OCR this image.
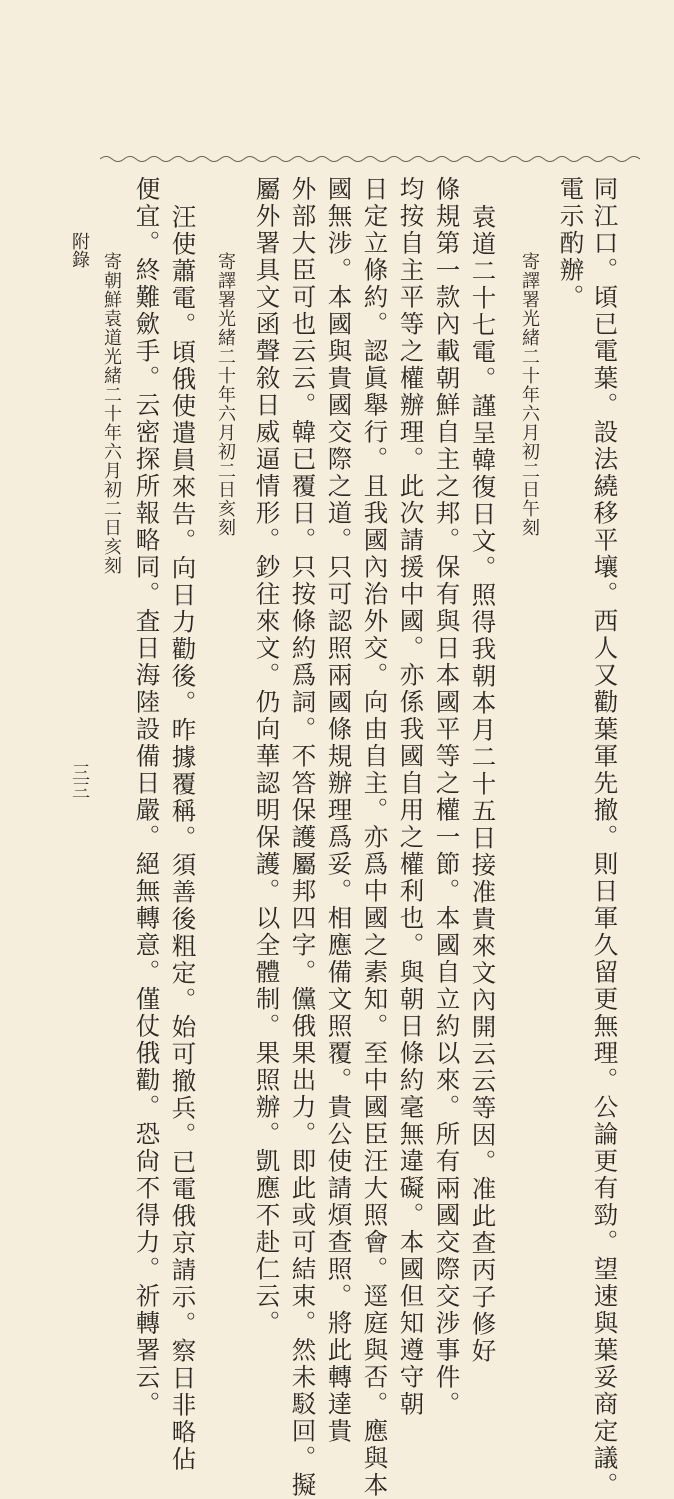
同江口。頃已電葉。設法繞移平壤。西人又勸葉軍先撤。則日軍久留更無理。公論更有勁。望速與葉妥商定議。
電示酌辦。
寄譯署光緒二十年六月初二日午刻
袁道二十七電。謹呈韓復日文。照得我朝本月二十五日接准貴來文內開云云等因。准此查丙子修好
條規第一款內載朝鮮自主之邦。保有與日本國平等之權一節。本國自立約以來。所有兩國交際交涉事件。
均按自主平等之權辦理。此次請援中國。亦係我國自用之權利也。與朝日條約毫無違礙。本國但知遵守朝
日定立條約。認眞舉行。且我國內治外交。向由自主。亦爲中國之素知。至中國臣汪大照會。逕庭與否。應與本
國無涉。本國與貴國交際之道。只可認照兩國條規辦理爲妥。相應備文照覆。貴公使請煩查照。將此轉達貴
外部大臣可也云云。韓已覆日。只按條約爲詞。不答保護屬邦四字。儻俄果出力。即此或可結束。然未駁回。擬
屬外署具文函聲敘日威逼情形。鈔往來文。仍向華認明保護。以全體制。果照辦。凱應不赴仁云。
寄譯署光緒二十年六月初二日亥刻
汪使蕭電。頃俄使遣員來告。向日力勸後。昨據覆稱。須善後粗定。始可撤兵。已電俄京請示。察日非略佔
便宜。終難歛手。云密探所報略同。査日海陸設備日嚴。絕無轉意。僅仗俄勸。恐尙不得力。祈轉署云。
寄朝鮮袁道光緒二十年六月初二日亥刻
附錄
三三
